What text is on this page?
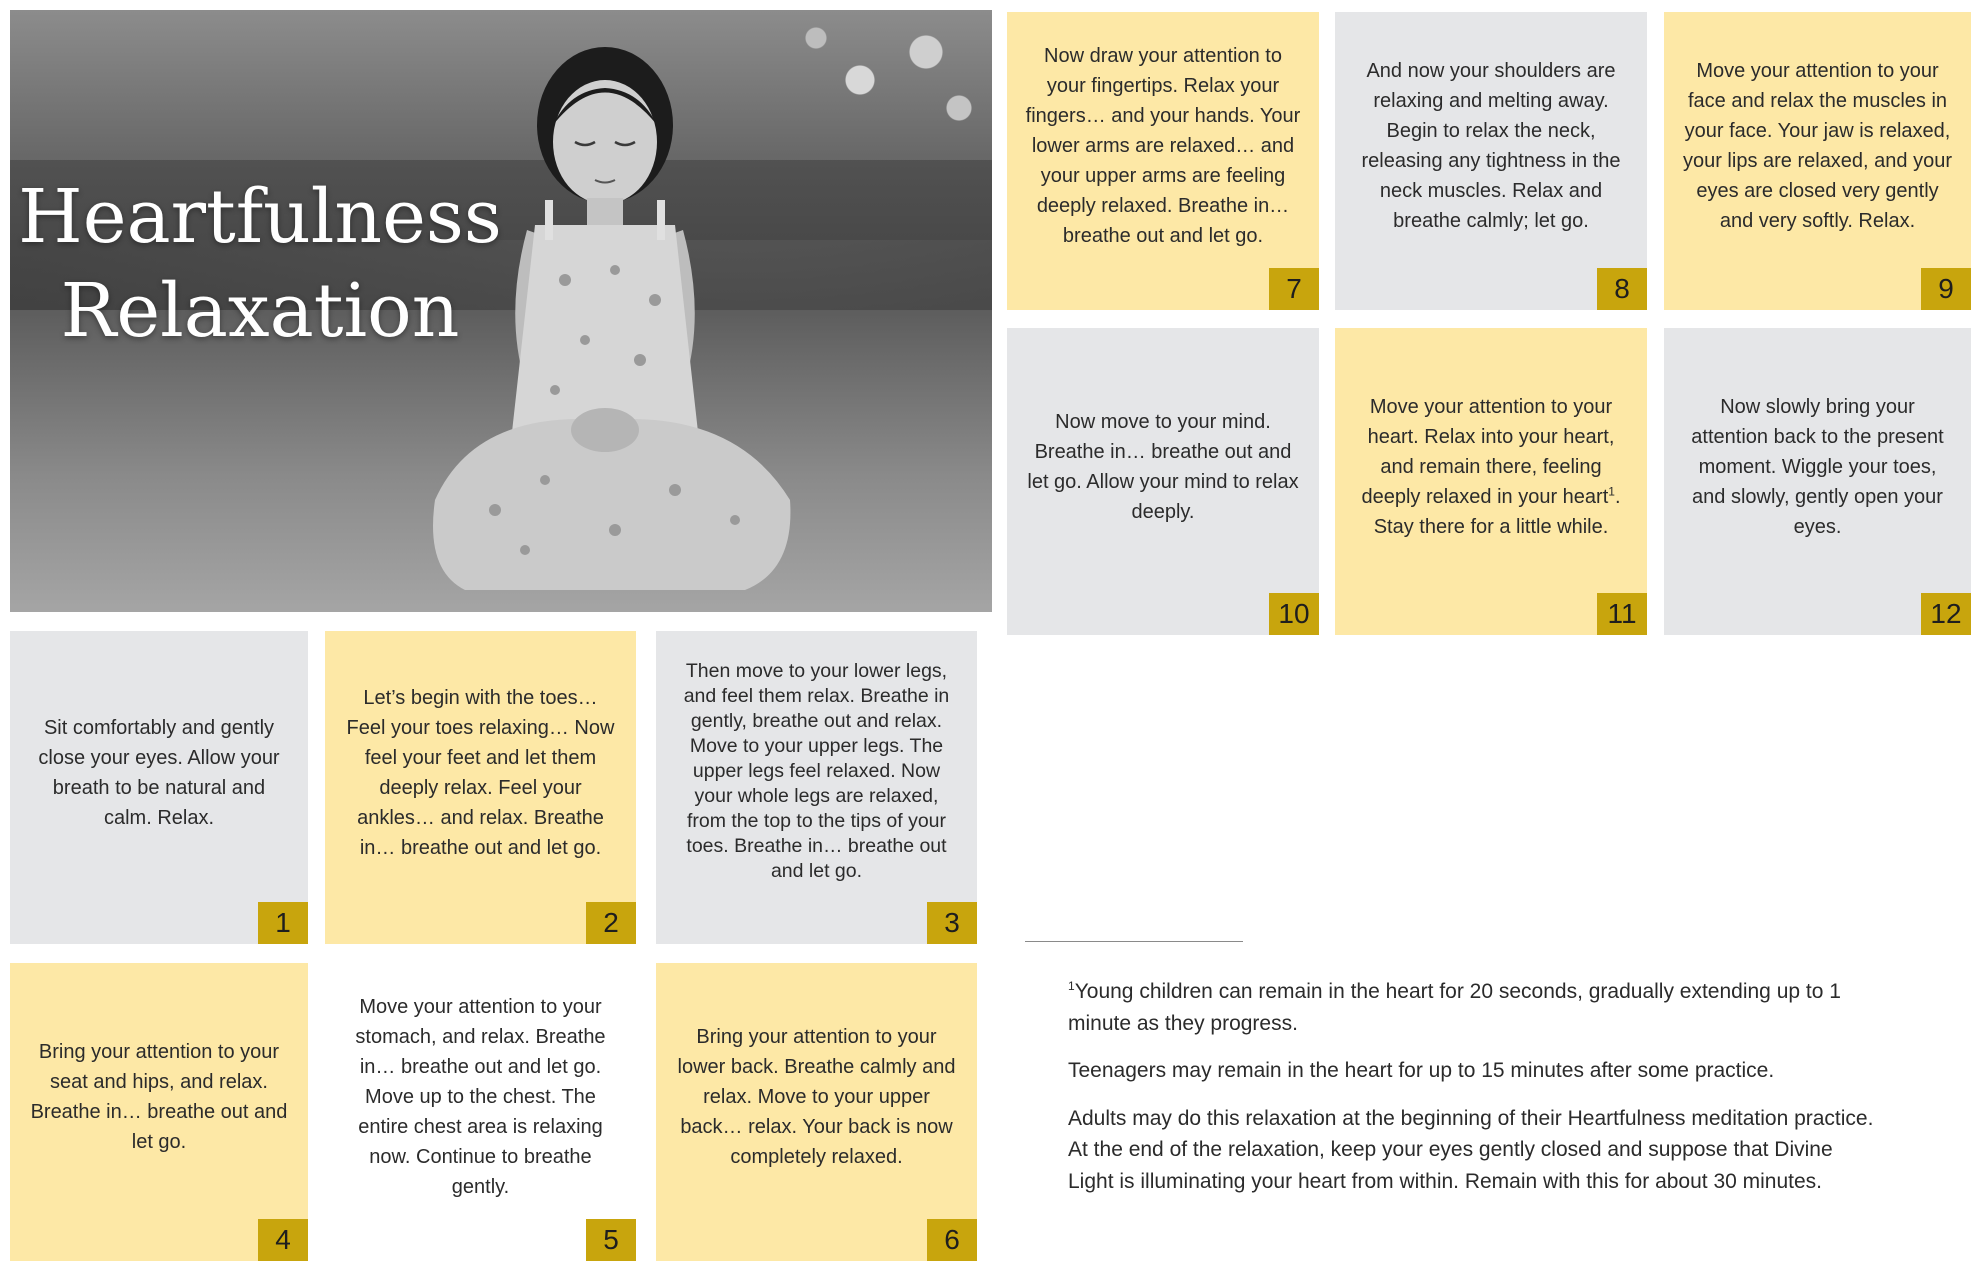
Heartfulness
Relaxation
Now draw your attention to your fingertips. Relax your fingers… and your hands. Your lower arms are relaxed… and your upper arms are feeling deeply relaxed. Breathe in… breathe out and let go.
7
And now your shoulders are relaxing and melting away. Begin to relax the neck, releasing any tightness in the neck muscles. Relax and breathe calmly; let go.
8
Move your attention to your face and relax the muscles in your face. Your jaw is relaxed, your lips are relaxed, and your eyes are closed very gently and very softly. Relax.
9
Now move to your mind. Breathe in… breathe out and let go. Allow your mind to relax deeply.
10
Move your attention to your heart. Relax into your heart, and remain there, feeling deeply relaxed in your heart$^1$. Stay there for a little while.
11
Now slowly bring your attention back to the present moment. Wiggle your toes, and slowly, gently open your eyes.
12
Sit comfortably and gently close your eyes. Allow your breath to be natural and calm. Relax.
1
Let’s begin with the toes… Feel your toes relaxing… Now feel your feet and let them deeply relax. Feel your ankles… and relax. Breathe in… breathe out and let go.
2
Then move to your lower legs, and feel them relax. Breathe in gently, breathe out and relax. Move to your upper legs. The upper legs feel relaxed. Now your whole legs are relaxed, from the top to the tips of your toes. Breathe in… breathe out and let go.
3
Bring your attention to your seat and hips, and relax. Breathe in… breathe out and let go.
4
Move your attention to your stomach, and relax. Breathe in… breathe out and let go. Move up to the chest. The entire chest area is relaxing now. Continue to breathe gently.
5
Bring your attention to your lower back. Breathe calmly and relax. Move to your upper back… relax. Your back is now completely relaxed.
6

$^1$Young children can remain in the heart for 20 seconds, gradually extending up to 1 minute as they progress.

Teenagers may remain in the heart for up to 15 minutes after some practice.

Adults may do this relaxation at the beginning of their Heartfulness meditation practice. At the end of the relaxation, keep your eyes gently closed and suppose that Divine Light is illuminating your heart from within. Remain with this for about 30 minutes.
